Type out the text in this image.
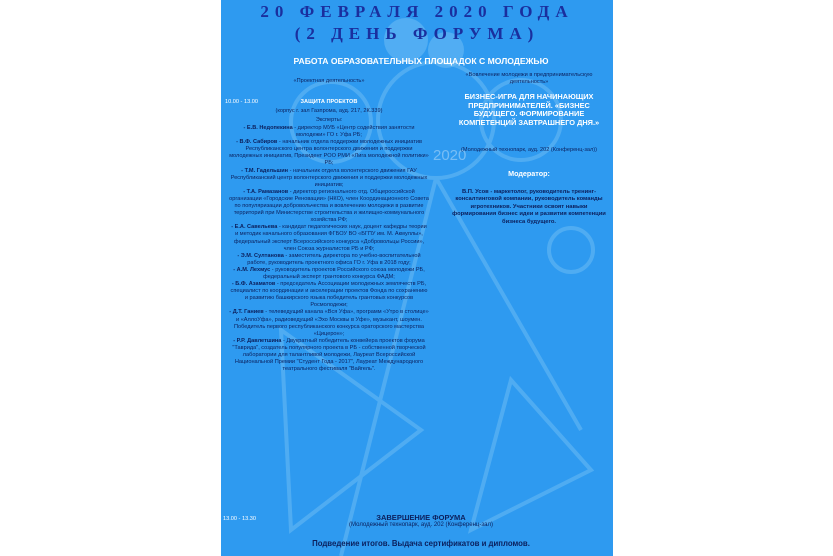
2020
20 ФЕВРАЛЯ 2020 ГОДА
(2 ДЕНЬ ФОРУМА)
РАБОТА ОБРАЗОВАТЕЛЬНЫХ ПЛОЩАДОК С МОЛОДЕЖЬЮ
«Проектная деятельность»
10.00 - 13.00	ЗАЩИТА ПРОЕКТОВ
(корпус г. зал Газпрома, ауд. 217, 2К.339)
Эксперты:

- Е.В. Недопекина - директор МУБ «Центр содействия занятости молодежи» ГО г. Уфа РБ;

- В.Ф. Сабиров - начальник отдела поддержки молодежных инициатив Республиканского центра волонтерского движения и поддержки молодежных инициатив, Президент РОО РМИ «Лига молодежной политики» РБ;

- Т.М. Гадельшин - начальник отдела волонтерского движения ГАУ Республиканский центр волонтерского движения и поддержки молодежных инициатив;

- Т.А. Рамазанов - директор регионального отд. Общероссийской организации «Городские Реновации» (НКО), член Координационного Совета по популяризации добровольчества и вовлечению молодежи в развитие территорий при Министерстве строительства и жилищно-коммунального хозяйства РФ;

- Е.А. Савельева - кандидат педагогических наук, доцент кафедры теории и методик начального образования ФГБОУ ВО «БГПУ им. М. Акмуллы», федеральный эксперт Всероссийского конкурса «Добровольцы России», член Союза журналистов РБ и РФ;

- Э.М. Султанова - заместитель директора по учебно-воспитательной работе, руководитель проектного офиса ГО г. Уфа в 2018 году;

- А.М. Лехмус - руководитель проектов Российского союза молодежи РБ, федеральный эксперт грантового конкурса ФАДМ;

- Б.Ф. Азаматов - председатель Ассоциации молодежных землячеств РБ, специалист по координации и акселерации проектов Фонда по сохранению и развитию башкирского языка победитель грантовых конкурсов Росмолодежи;

- Д.Т. Ганиев - телеведущий канала «Вся Уфа», программ «Утро в столице» и «АллоУфа», радиоведущий «Эхо Москвы в Уфе», музыкант, шоумен. Победитель первого республиканского конкурса ораторского мастерства «Цицерон»;

- Р.Р. Давлетшина - Двукратный победитель конвейера проектов форума "Таврида", создатель популярного проекта в РБ - собственной творческой лаборатории для талантливой молодежи, Лауреат Всероссийской Национальной Премии "Студент Года - 2017", Лауреат Международного театрального фестиваля "Вайгель".

«Вовлечение молодежи в предпринимательскую деятельность»
БИЗНЕС-ИГРА ДЛЯ НАЧИНАЮЩИХ ПРЕДПРИНИМАТЕЛЕЙ. «БИЗНЕС БУДУЩЕГО. ФОРМИРОВАНИЕ КОМПЕТЕНЦИЙ ЗАВТРАШНЕГО ДНЯ.»
(Молодежный технопарк, ауд. 202 (Конференц-зал))
Модератор:
В.П. Усов - маркетолог, руководитель тренинг-консалтинговой компании, руководитель команды игротехников. Участники освоят навыки формирования бизнес идеи и развития компетенции бизнеса будущего.
13.00 - 13.30	ЗАВЕРШЕНИЕ ФОРУМА
(Молодежный технопарк, ауд. 202 (Конференц-зал)
Подведение итогов. Выдача сертификатов и дипломов.
